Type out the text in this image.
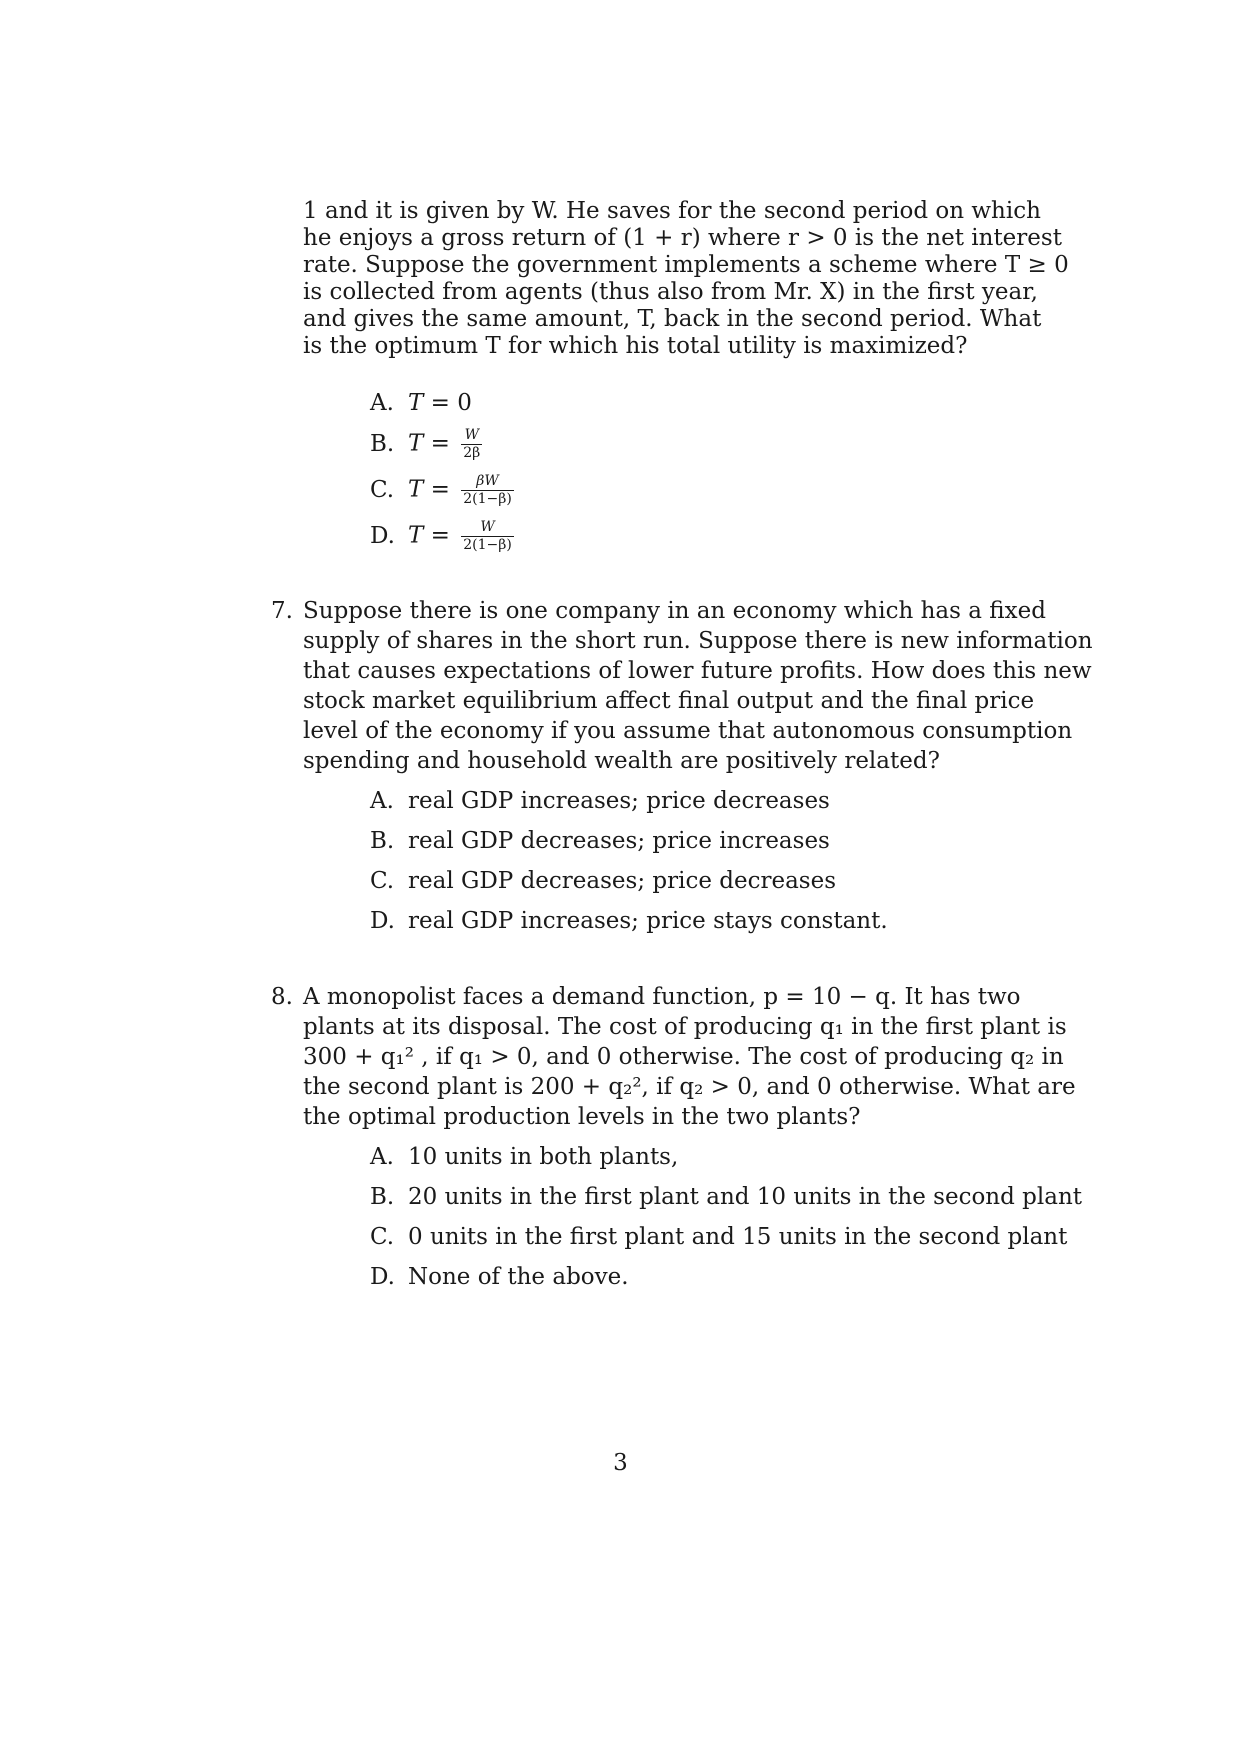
1 and it is given by W. He saves for the second period on which
he enjoys a gross return of (1 + r) where r > 0 is the net interest
rate. Suppose the government implements a scheme where T ≥ 0
is collected from agents (thus also from Mr. X) in the first year,
and gives the same amount, T, back in the second period. What
is the optimum T for which his total utility is maximized?
A. T = 0
B. $T = \frac{W}{2\beta}$
C. $T = \frac{\beta W}{2(1-\beta)}$
D. $T = \frac{W}{2(1-\beta)}$
7. Suppose there is one company in an economy which has a fixed
supply of shares in the short run. Suppose there is new information
that causes expectations of lower future profits. How does this new
stock market equilibrium affect final output and the final price
level of the economy if you assume that autonomous consumption
spending and household wealth are positively related?
A. real GDP increases; price decreases
B. real GDP decreases; price increases
C. real GDP decreases; price decreases
D. real GDP increases; price stays constant.
8. A monopolist faces a demand function, p = 10 − q. It has two
plants at its disposal. The cost of producing q₁ in the first plant is
300 + q₁² , if q₁ > 0, and 0 otherwise. The cost of producing q₂ in
the second plant is 200 + q₂², if q₂ > 0, and 0 otherwise. What are
the optimal production levels in the two plants?
A. 10 units in both plants,
B. 20 units in the first plant and 10 units in the second plant
C. 0 units in the first plant and 15 units in the second plant
D. None of the above.
3
